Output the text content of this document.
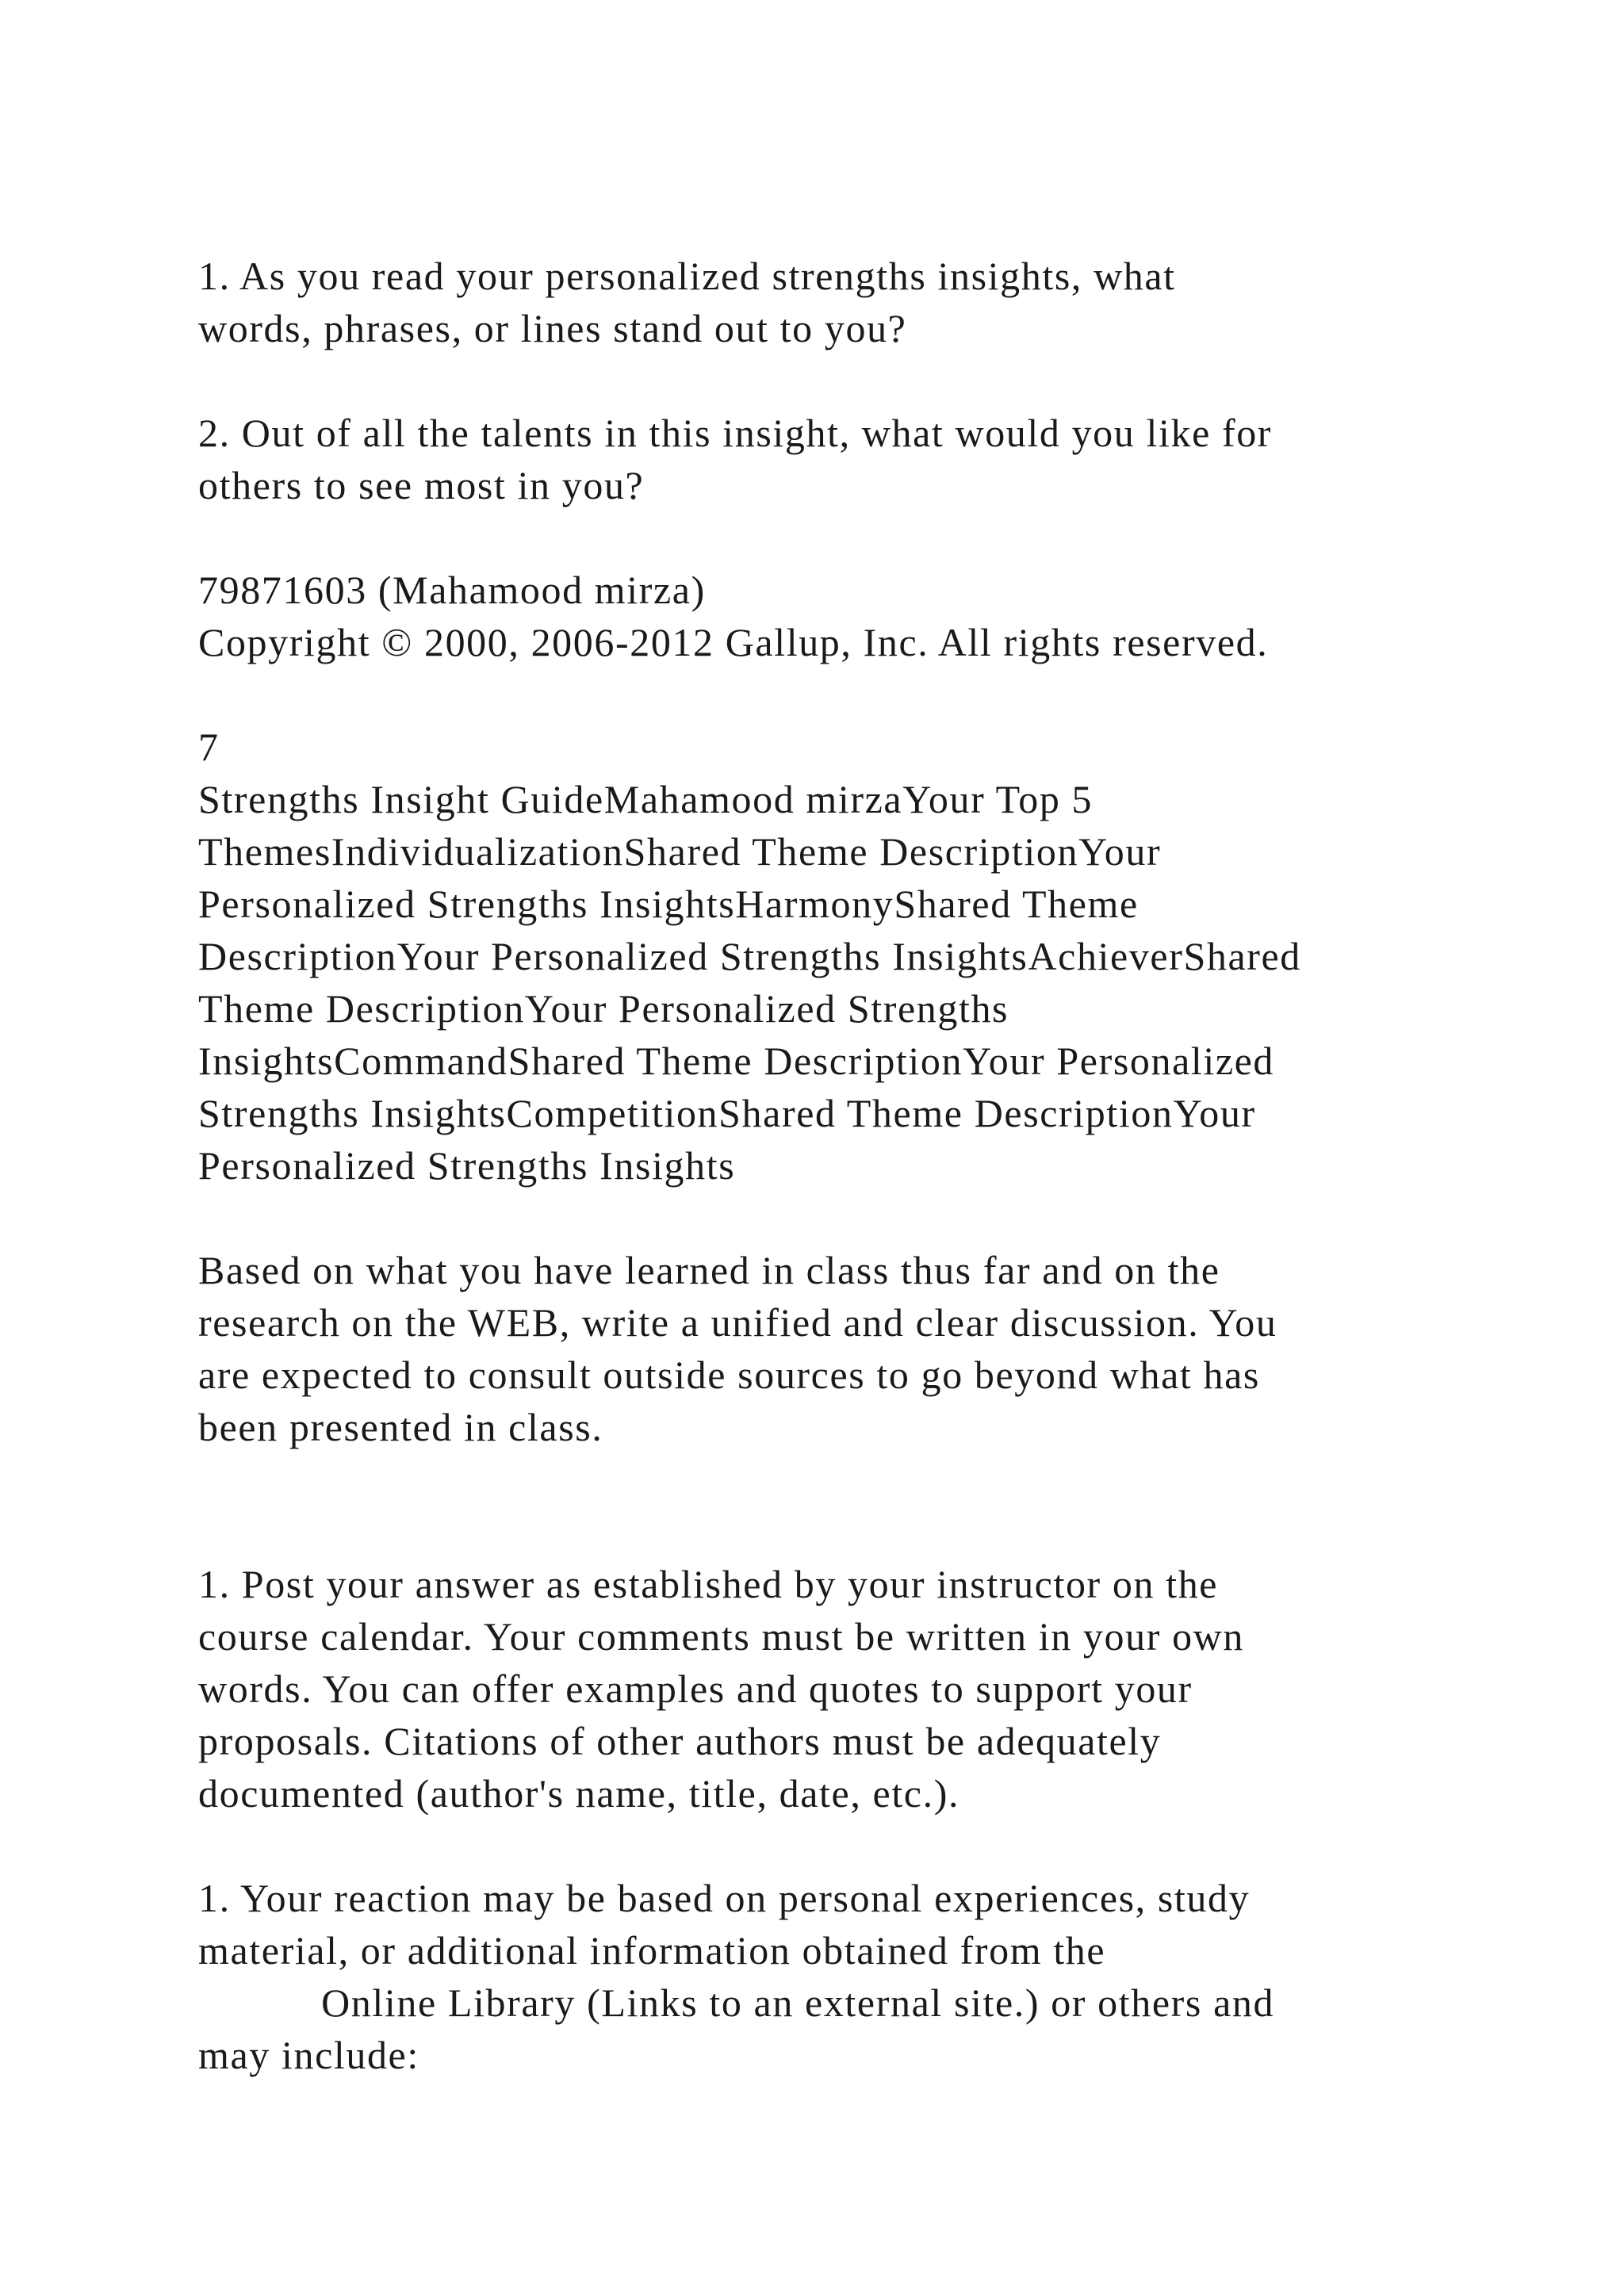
1. As you read your personalized strengths insights, what
words, phrases, or lines stand out to you?

2. Out of all the talents in this insight, what would you like for
others to see most in you?

79871603 (Mahamood mirza)
Copyright © 2000, 2006-2012 Gallup, Inc. All rights reserved.

7
Strengths Insight GuideMahamood mirzaYour Top 5
ThemesIndividualizationShared Theme DescriptionYour
Personalized Strengths InsightsHarmonyShared Theme
DescriptionYour Personalized Strengths InsightsAchieverShared
Theme DescriptionYour Personalized Strengths
InsightsCommandShared Theme DescriptionYour Personalized
Strengths InsightsCompetitionShared Theme DescriptionYour
Personalized Strengths Insights

Based on what you have learned in class thus far and on the
research on the WEB, write a unified and clear discussion. You
are expected to consult outside sources to go beyond what has
been presented in class.

1. Post your answer as established by your instructor on the
course calendar. Your comments must be written in your own
words. You can offer examples and quotes to support your
proposals. Citations of other authors must be adequately
documented (author's name, title, date, etc.).

1. Your reaction may be based on personal experiences, study
material, or additional information obtained from the
Online Library (Links to an external site.) or others and
may include:
